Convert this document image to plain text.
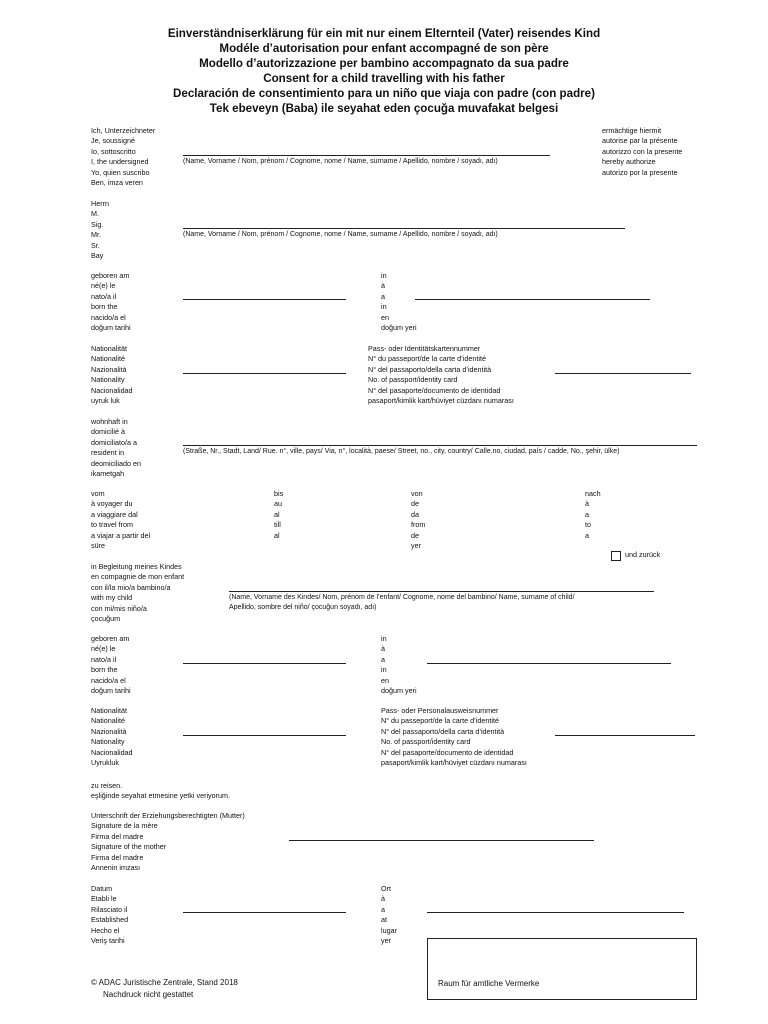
Einverständniserklärung für ein mit nur einem Elternteil (Vater) reisendes Kind
Modéle d’autorisation pour enfant accompagné de son père
Modello d’autorizzazione per bambino accompagnato da sua padre
Consent for a child travelling with his father
Declaración de consentimiento para un niño que viaja con padre (con padre)
Tek ebeveyn (Baba) ile seyahat eden çocuğa muvafakat belgesi
Ich, Unterzeichneter
Je, soussigné
Io, sottoscritto
I, the undersigned
Yo, quien suscribo
Ben, imza veren
(Name, Vorname / Nom, prénom / Cognome, nome / Name, surname / Apellido, nombre / soyadı, adı)
ermächtige hiermit
autorise par la présente
autorizzo con la presente
hereby authorize
autorizo por la presente
Herrn
M.
Sig.
Mr.
Sr.
Bay
(Name, Vorname / Nom, prénom / Cognome, nome / Name, surname / Apellido, nombre / soyadı, adı)
geboren am
né(e) le
nato/a il
born the
nacido/a el
doğum tarihi
in
à
a
in
en
doğum yeri
Nationalität
Nationalité
Nazionalità
Nationality
Nacionalidad
uyruk luk
Pass- oder Identitätskartennummer
N° du passeport/de la carte d’identité
N° del passaporto/della carta d’identità
No. of passport/identity card
N° del pasaporte/documento de identidad
pasaport/kimlik kart/hüviyet cüzdanı numarası
wohnhaft in
domicilié à
domiciliato/a a
resident in
deomiciliado en
ikametgah
(Straße, Nr., Stadt, Land/ Rue. n°, ville, pays/ Via, n°, località, paese/ Street, no., city, country/ Calle.no, ciudad, país / cadde, No., şehir, ülke)
vom
à voyager du
a viaggiare dal
to travel from
a viajar a partir del
süre
bis
au
al
till
al
von
de
da
from
de
yer
nach
à
a
to
a
und zurück
in Begleitung meines Kindes
en compagnie de mon enfant
con il/la mio/a bambino/a
with my child
con mi/mis niño/a
çocuğum
(Name, Vorname des Kindes/ Nom, prénom de l’enfant/ Cognome, nome del bambino/ Name, surname of child/
Apellido, sombre del niño/ çocuğun soyadı, adı)
geboren am
né(e) le
nato/a il
born the
nacido/a el
doğum tarihi
in
à
a
in
en
doğum yeri
Nationalität
Nationalité
Nazionalità
Nationality
Nacionalidad
Uyrukluk
Pass- oder Personalausweisnummer
N° du passeport/de la carte d’identité
N° del passaporto/della carta d’identità
No. of passport/identity card
N° del pasaporte/documento de identidad
pasaport/kimlik kart/hüviyet cüzdanı numarası
zu reisen.
eşliğinde seyahat etmesine yetki veriyorum.
Unterschrift der Erziehungsberechtigten (Mutter)
Signature de la mère
Firma del madre
Signature of the mother
Firma del madre
Annenin imzası
Datum
Etabli le
Rilasciato il
Established
Hecho el
Veriş tarihi
Ort
à
a
at
lugar
yer
Raum für amtliche Vermerke
© ADAC Juristische Zentrale, Stand 2018
Nachdruck nicht gestattet
